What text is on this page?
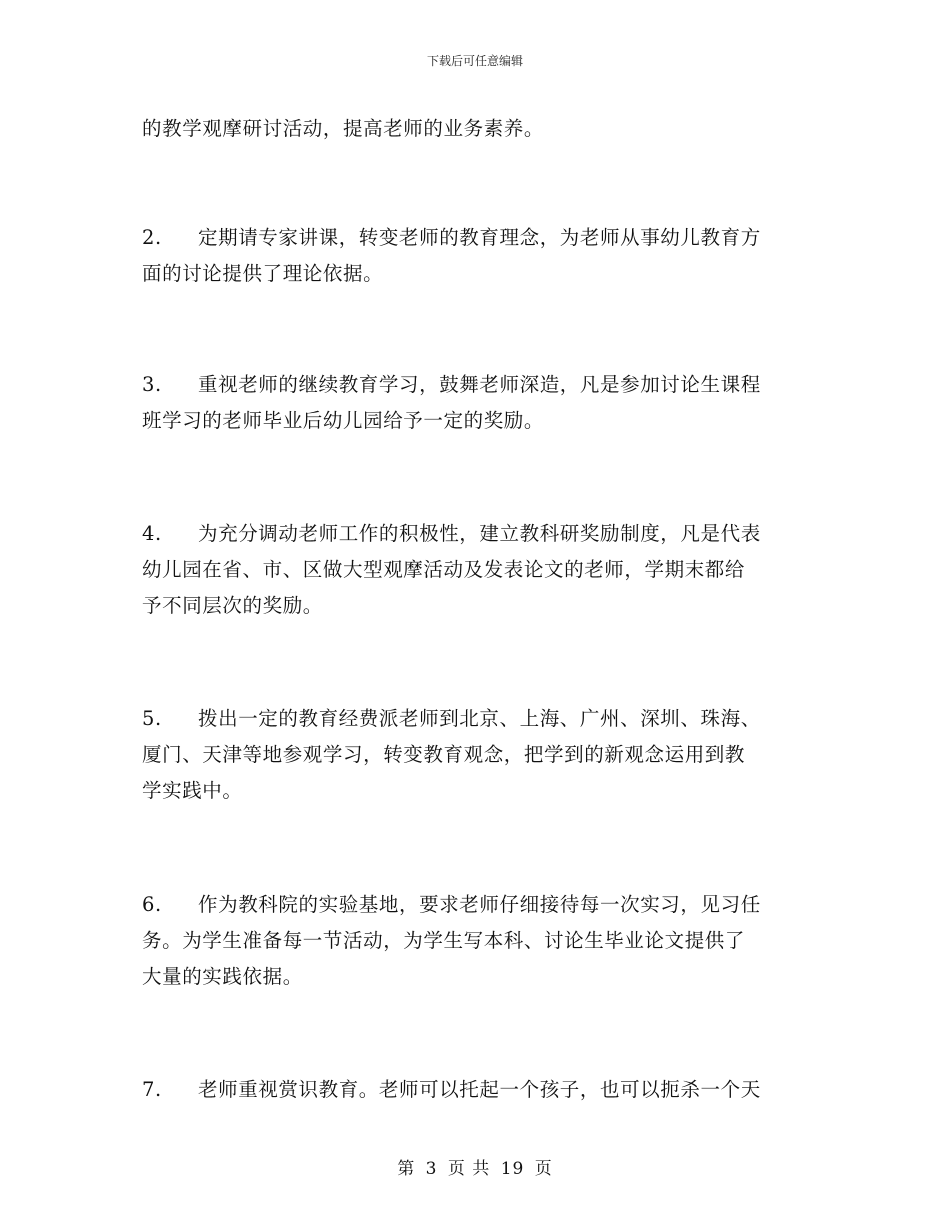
下载后可任意编辑
的教学观摩研讨活动，提高老师的业务素养。
2. 定期请专家讲课，转变老师的教育理念，为老师从事幼儿教育方
面的讨论提供了理论依据。
3. 重视老师的继续教育学习，鼓舞老师深造，凡是参加讨论生课程
班学习的老师毕业后幼儿园给予一定的奖励。
4. 为充分调动老师工作的积极性，建立教科研奖励制度，凡是代表
幼儿园在省、市、区做大型观摩活动及发表论文的老师，学期末都给
予不同层次的奖励。
5. 拨出一定的教育经费派老师到北京、上海、广州、深圳、珠海、
厦门、天津等地参观学习，转变教育观念，把学到的新观念运用到教
学实践中。
6. 作为教科院的实验基地，要求老师仔细接待每一次实习，见习任
务。为学生准备每一节活动，为学生写本科、讨论生毕业论文提供了
大量的实践依据。
7. 老师重视赏识教育。老师可以托起一个孩子，也可以扼杀一个天
第 3 页 共 19 页
